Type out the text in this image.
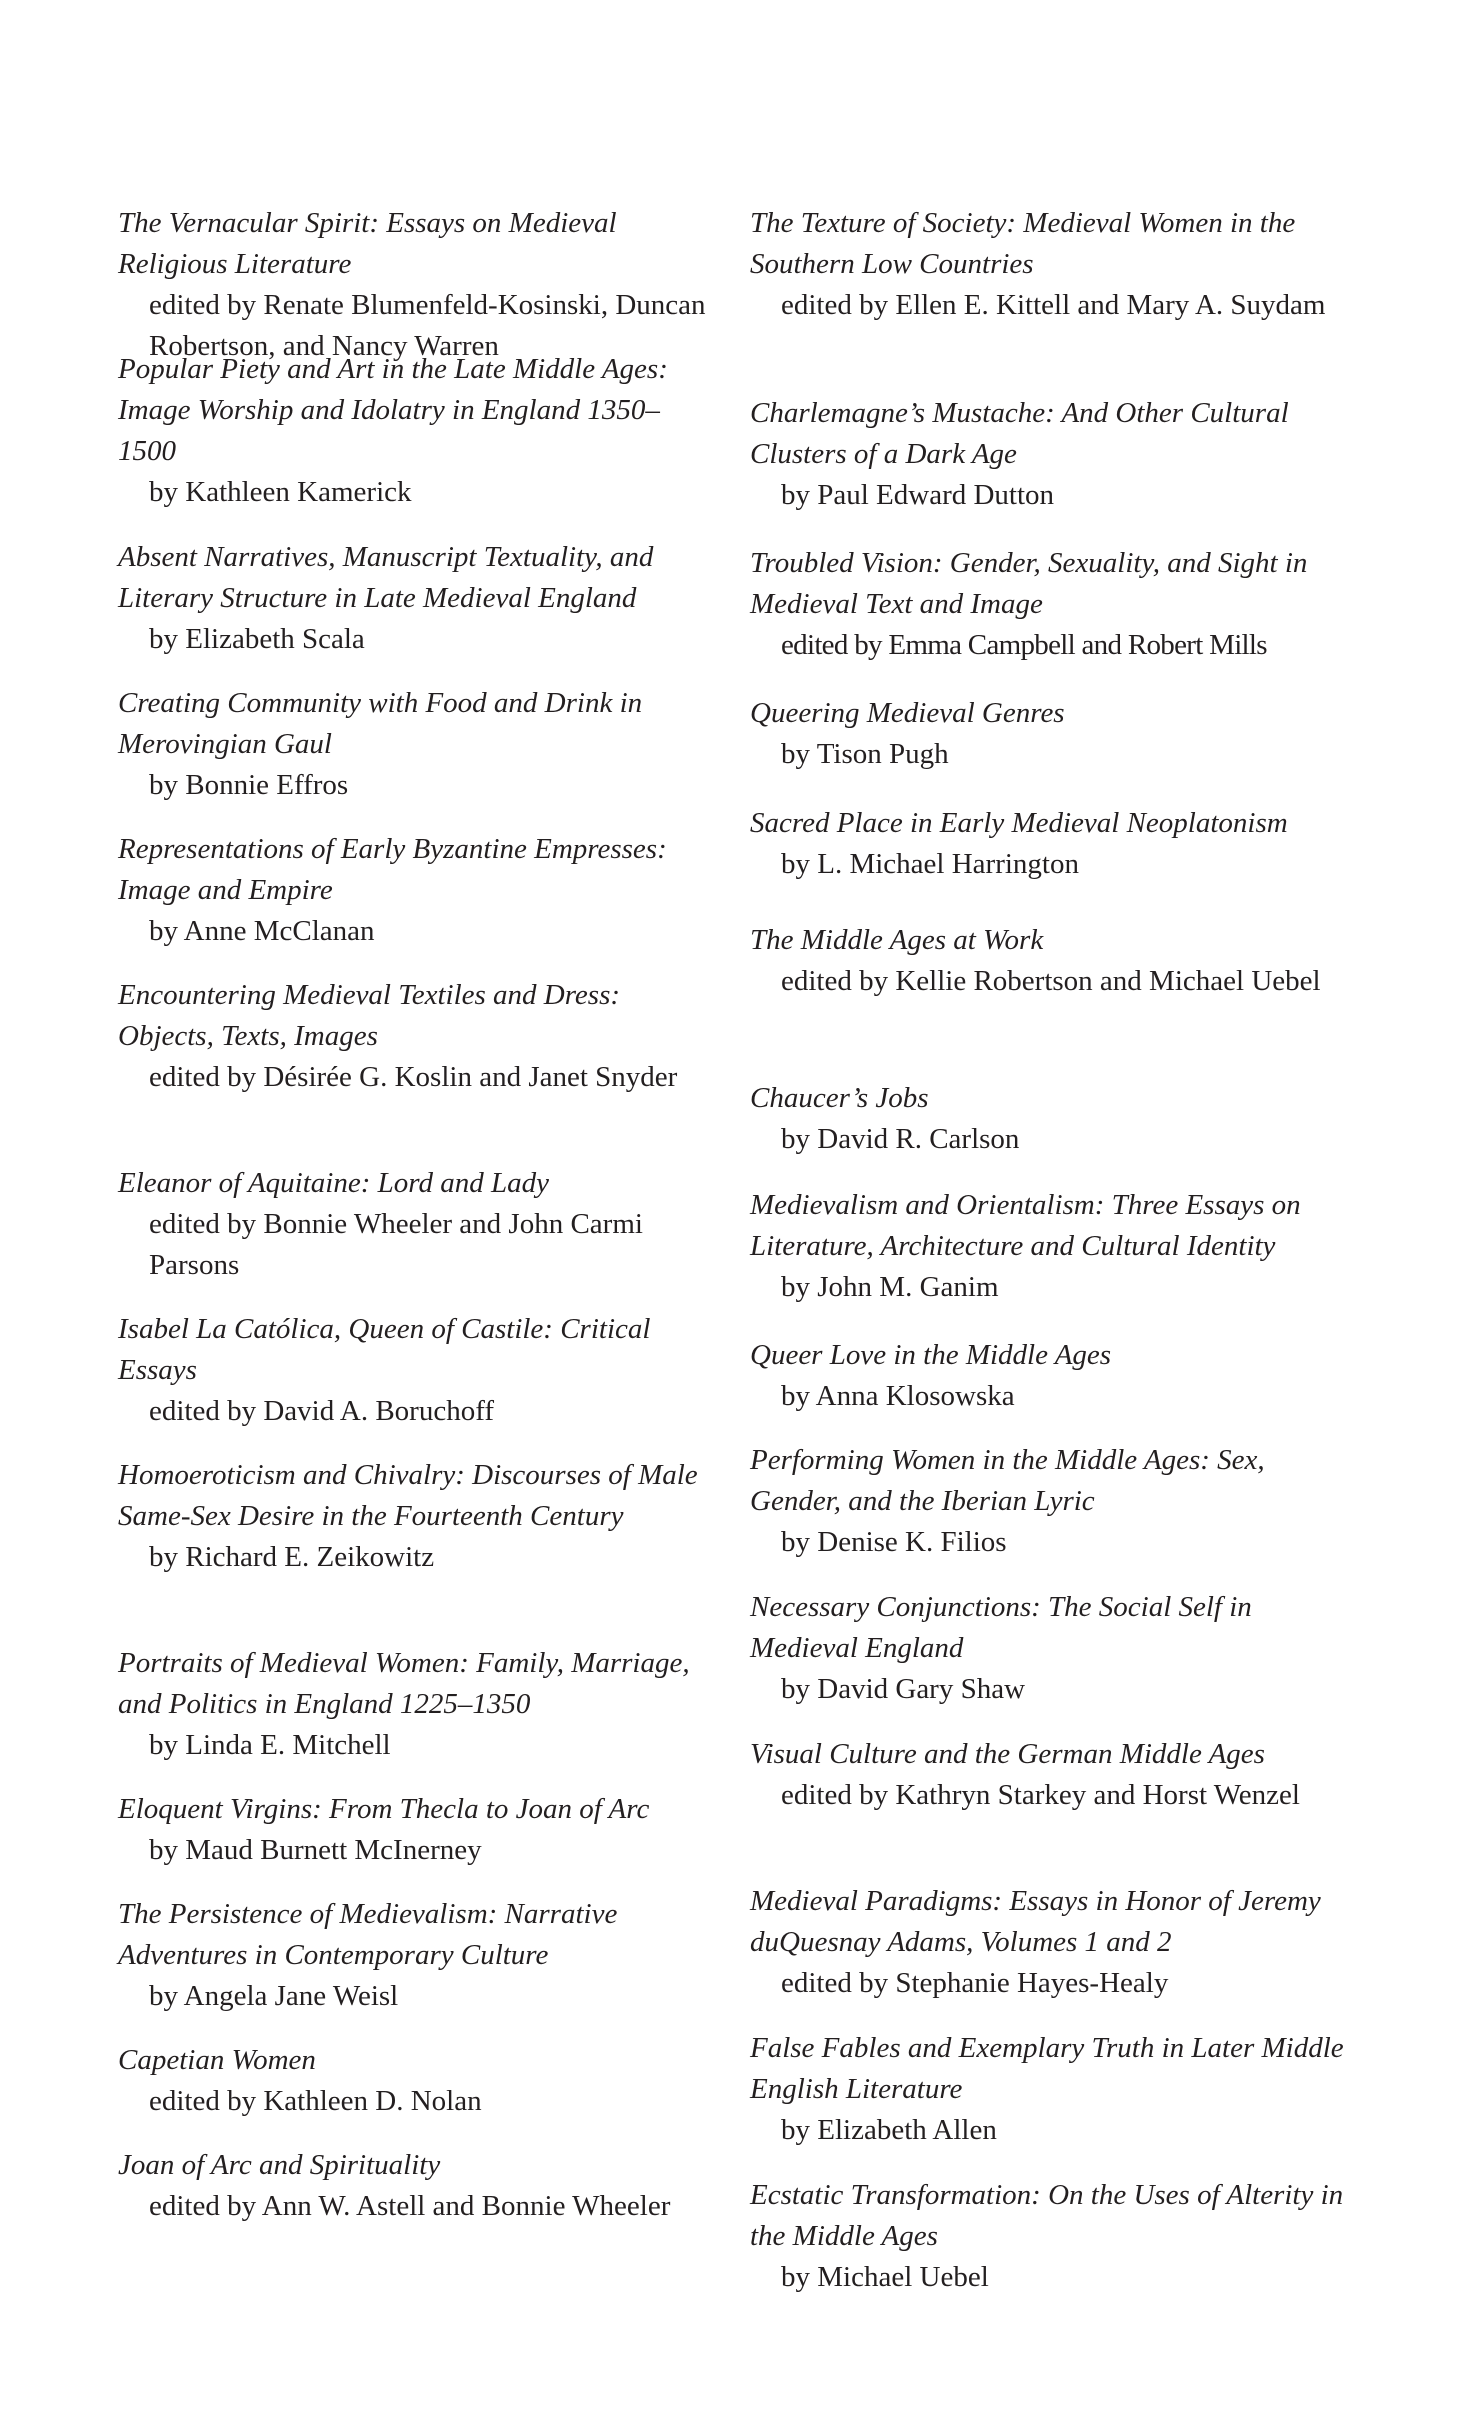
The Vernacular Spirit: Essays on Medieval Religious Literature
edited by Renate Blumenfeld-Kosinski, Duncan Robertson, and Nancy Warren
Popular Piety and Art in the Late Middle Ages: Image Worship and Idolatry in England 1350–1500
by Kathleen Kamerick
Absent Narratives, Manuscript Textuality, and Literary Structure in Late Medieval England
by Elizabeth Scala
Creating Community with Food and Drink in Merovingian Gaul
by Bonnie Effros
Representations of Early Byzantine Empresses: Image and Empire
by Anne McClanan
Encountering Medieval Textiles and Dress: Objects, Texts, Images
edited by Désirée G. Koslin and Janet Snyder
Eleanor of Aquitaine: Lord and Lady
edited by Bonnie Wheeler and John Carmi Parsons
Isabel La Católica, Queen of Castile: Critical Essays
edited by David A. Boruchoff
Homoeroticism and Chivalry: Discourses of Male Same-Sex Desire in the Fourteenth Century
by Richard E. Zeikowitz
Portraits of Medieval Women: Family, Marriage, and Politics in England 1225–1350
by Linda E. Mitchell
Eloquent Virgins: From Thecla to Joan of Arc
by Maud Burnett McInerney
The Persistence of Medievalism: Narrative Adventures in Contemporary Culture
by Angela Jane Weisl
Capetian Women
edited by Kathleen D. Nolan
Joan of Arc and Spirituality
edited by Ann W. Astell and Bonnie Wheeler
The Texture of Society: Medieval Women in the Southern Low Countries
edited by Ellen E. Kittell and Mary A. Suydam
Charlemagne’s Mustache: And Other Cultural Clusters of a Dark Age
by Paul Edward Dutton
Troubled Vision: Gender, Sexuality, and Sight in Medieval Text and Image
edited by Emma Campbell and Robert Mills
Queering Medieval Genres
by Tison Pugh
Sacred Place in Early Medieval Neoplatonism
by L. Michael Harrington
The Middle Ages at Work
edited by Kellie Robertson and Michael Uebel
Chaucer’s Jobs
by David R. Carlson
Medievalism and Orientalism: Three Essays on Literature, Architecture and Cultural Identity
by John M. Ganim
Queer Love in the Middle Ages
by Anna Klosowska
Performing Women in the Middle Ages: Sex, Gender, and the Iberian Lyric
by Denise K. Filios
Necessary Conjunctions: The Social Self in Medieval England
by David Gary Shaw
Visual Culture and the German Middle Ages
edited by Kathryn Starkey and Horst Wenzel
Medieval Paradigms: Essays in Honor of Jeremy duQuesnay Adams, Volumes 1 and 2
edited by Stephanie Hayes-Healy
False Fables and Exemplary Truth in Later Middle English Literature
by Elizabeth Allen
Ecstatic Transformation: On the Uses of Alterity in the Middle Ages
by Michael Uebel
